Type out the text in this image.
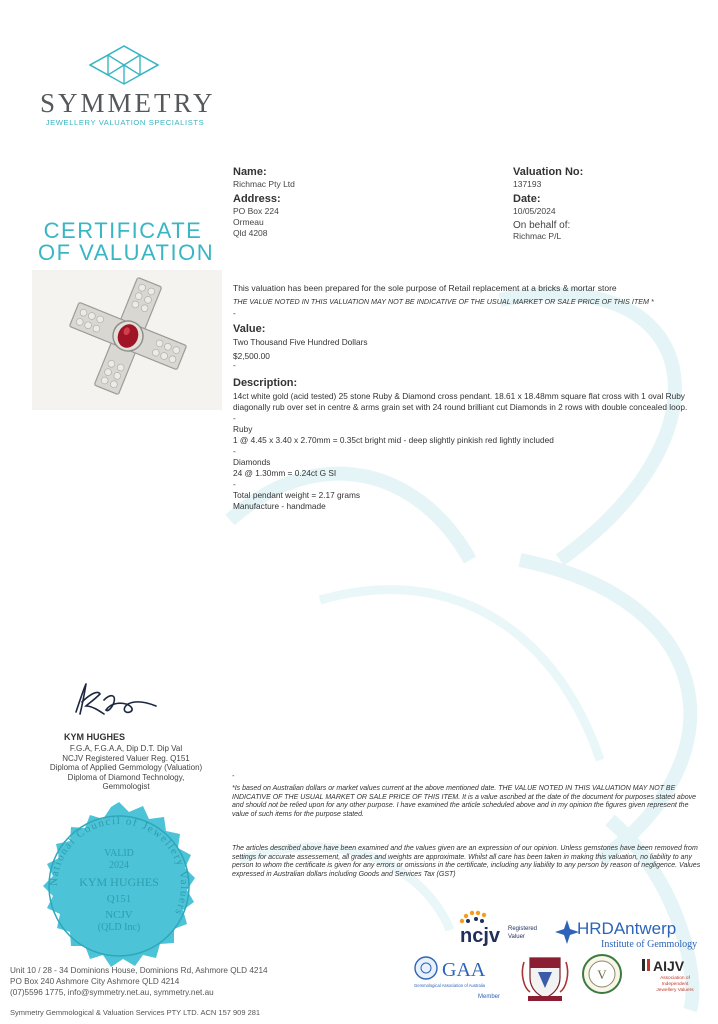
SYMMETRY
JEWELLERY VALUATION SPECIALISTS
CERTIFICATE
OF VALUATION
Name:
Richmac Pty Ltd
Address:
PO Box 224
Ormeau
Qld 4208
Valuation No:
137193
Date:
10/05/2024
On behalf of:
Richmac P/L
This valuation has been prepared for the sole purpose of Retail replacement at a bricks & mortar store
THE VALUE NOTED IN THIS VALUATION MAY NOT BE INDICATIVE OF THE USUAL MARKET OR SALE PRICE OF THIS ITEM *
-
Value:
Two Thousand Five Hundred Dollars
$2,500.00
-
Description:
14ct white gold (acid tested) 25 stone Ruby & Diamond cross pendant. 18.61 x 18.48mm square flat cross with 1 oval Ruby diagonally rub over set in centre & arms grain set with 24 round brilliant cut Diamonds in 2 rows with double concealed loop.
-
Ruby
1 @ 4.45 x 3.40 x 2.70mm = 0.35ct bright mid - deep slightly pinkish red lightly included
-
Diamonds
24 @ 1.30mm = 0.24ct G SI
-
Total pendant weight = 2.17 grams
Manufacture - handmade
KYM HUGHES
F.G.A, F.G.A.A, Dip D.T. Dip Val
NCJV Registered Valuer Reg. Q151
Diploma of Applied Gemmology (Valuation)
Diploma of Diamond Technology,
Gemmologist
National Council of Jewellery Valuers
VALID
2024
KYM HUGHES
Q151
NCJV
(QLD Inc)
-
*Is based on Australian dollars or market values current at the above mentioned date. THE VALUE NOTED IN THIS VALUATION MAY NOT BE INDICATIVE OF THE USUAL MARKET OR SALE PRICE OF THIS ITEM. It is a value ascribed at the date of the document for purposes stated above and should not be relied upon for any other purpose. I have examined the article scheduled above and in my opinion the figures given represent the value of such items for the purpose stated.
The articles described above have been examined and the values given are an expression of our opinion. Unless gemstones have been removed from settings for accurate assessement, all grades and weights are approximate. Whilst all care has been taken in making this valuation, no liability to any person to whom the certificate is given for any errors or omissions in the certificate, including any liability to any person by reason of negligence. Values expressed in Australian dollars including Goods and Services Tax (GST)
ncjv Registered
Valuer	HRDAntwerp
Institute of Gemmology
GAA
Gemmological Association of Australia
Member
V
AIJV
Association of
Independent
Jewellery Valuers
Unit 10 / 28 - 34 Dominions House, Dominions Rd, Ashmore QLD 4214
PO Box 240 Ashmore City Ashmore QLD 4214
(07)5596 1775, info@symmetry.net.au, symmetry.net.au
Symmetry Gemmological & Valuation Services PTY LTD. ACN 157 909 281
